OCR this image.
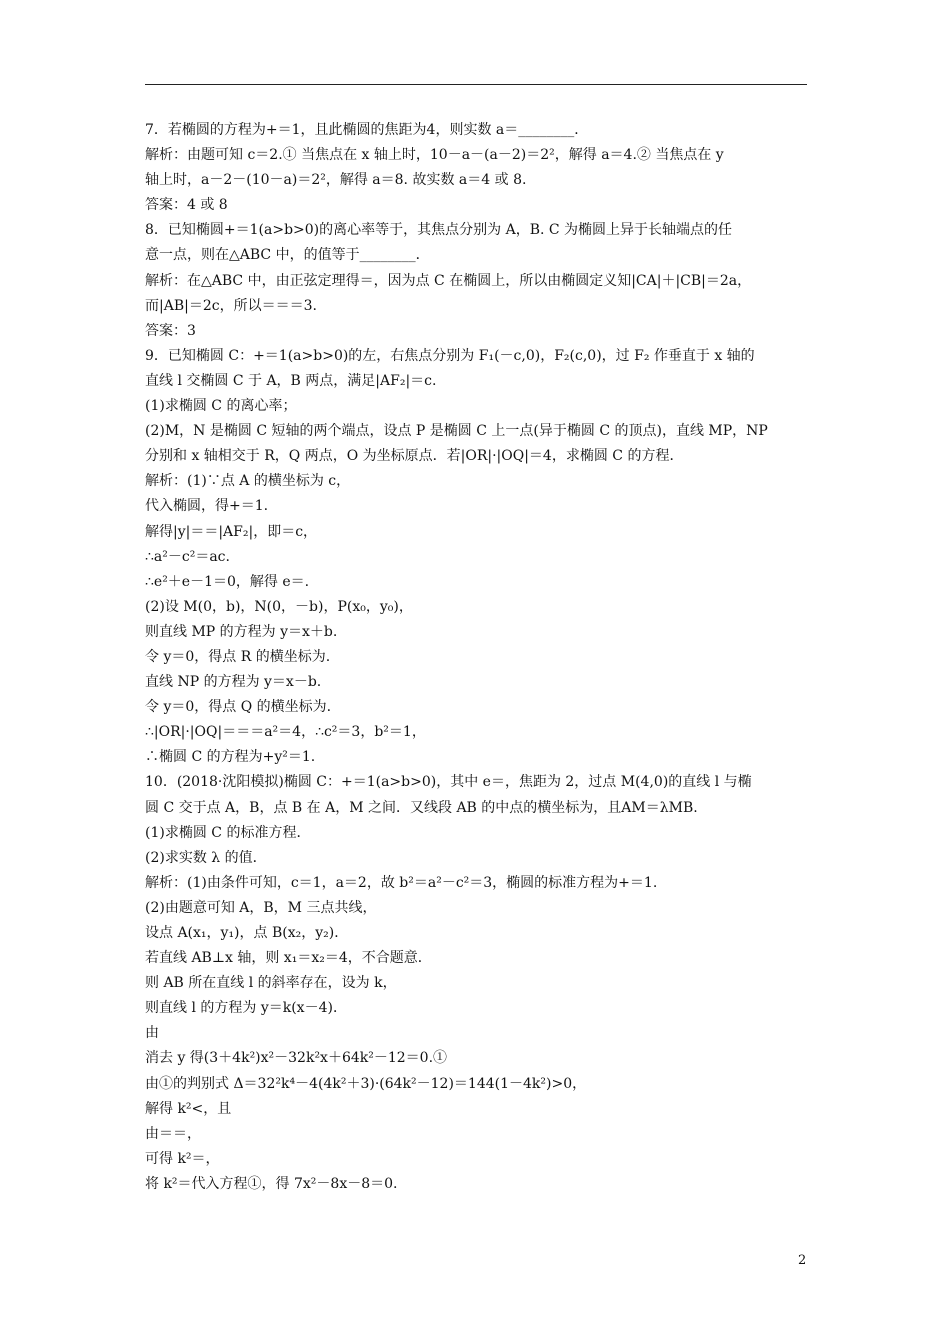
7．若椭圆的方程为+＝1，且此椭圆的焦距为4，则实数 a＝________．
解析：由题可知 c＝2.① 当焦点在 x 轴上时，10－a－(a－2)＝2²，解得 a＝4.② 当焦点在 y
轴上时，a－2－(10－a)＝2²，解得 a＝8. 故实数 a＝4 或 8.
答案：4 或 8
8．已知椭圆+＝1(a>b>0)的离心率等于，其焦点分别为 A，B. C 为椭圆上异于长轴端点的任
意一点，则在△ABC 中，的值等于________．
解析：在△ABC 中，由正弦定理得＝，因为点 C 在椭圆上，所以由椭圆定义知|CA|＋|CB|＝2a，
而|AB|＝2c，所以＝＝＝3.
答案：3
9．已知椭圆 C：+＝1(a>b>0)的左，右焦点分别为 F₁(－c,0)，F₂(c,0)，过 F₂ 作垂直于 x 轴的
直线 l 交椭圆 C 于 A，B 两点，满足|AF₂|＝c.
(1)求椭圆 C 的离心率；
(2)M，N 是椭圆 C 短轴的两个端点，设点 P 是椭圆 C 上一点(异于椭圆 C 的顶点)，直线 MP，NP
分别和 x 轴相交于 R，Q 两点，O 为坐标原点．若|OR|·|OQ|＝4，求椭圆 C 的方程．
解析：(1)∵点 A 的横坐标为 c，
代入椭圆，得+＝1.
解得|y|＝＝|AF₂|，即＝c，
∴a²－c²＝ac.
∴e²＋e－1＝0，解得 e＝.
(2)设 M(0，b)，N(0，－b)，P(x₀，y₀)，
则直线 MP 的方程为 y＝x＋b.
令 y＝0，得点 R 的横坐标为.
直线 NP 的方程为 y＝x－b.
令 y＝0，得点 Q 的横坐标为.
∴|OR|·|OQ|＝＝＝a²＝4，∴c²＝3，b²＝1，
∴椭圆 C 的方程为+y²＝1.
10．(2018·沈阳模拟)椭圆 C：+＝1(a>b>0)，其中 e＝，焦距为 2，过点 M(4,0)的直线 l 与椭
圆 C 交于点 A，B，点 B 在 A，M 之间．又线段 AB 的中点的横坐标为，且AM＝λMB.
(1)求椭圆 C 的标准方程．
(2)求实数 λ 的值．
解析：(1)由条件可知，c＝1，a＝2，故 b²＝a²－c²＝3，椭圆的标准方程为+＝1.
(2)由题意可知 A，B，M 三点共线，
设点 A(x₁，y₁)，点 B(x₂，y₂)．
若直线 AB⊥x 轴，则 x₁＝x₂＝4，不合题意．
则 AB 所在直线 l 的斜率存在，设为 k，
则直线 l 的方程为 y＝k(x－4)．
由
消去 y 得(3＋4k²)x²－32k²x＋64k²－12＝0.①
由①的判别式 Δ＝32²k⁴－4(4k²＋3)·(64k²－12)＝144(1－4k²)>0，
解得 k²<，且
由＝＝，
可得 k²＝，
将 k²＝代入方程①，得 7x²－8x－8＝0.
2
